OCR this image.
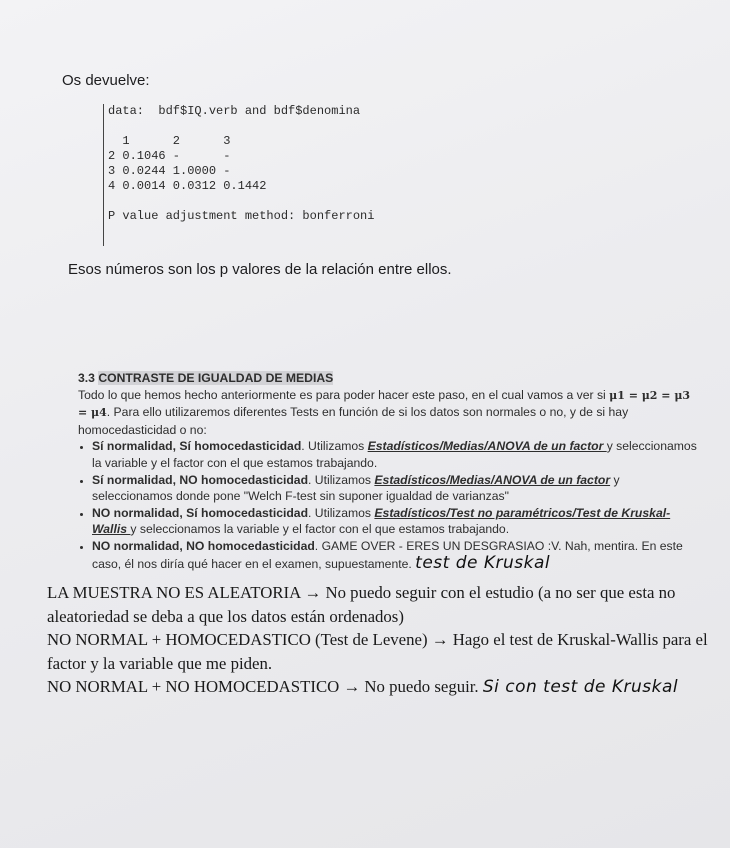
Os devuelve:
data:  bdf$IQ.verb and bdf$denomina

1      2      3
2 0.1046 -      -
3 0.0244 1.0000 -
4 0.0014 0.0312 0.1442

P value adjustment method: bonferroni
Esos números son los p valores de la relación entre ellos.
3.3 CONTRASTE DE IGUALDAD DE MEDIAS
Todo lo que hemos hecho anteriormente es para poder hacer este paso, en el cual vamos a ver si μ1 = μ2 = μ3 = μ4. Para ello utilizaremos diferentes Tests en función de si los datos son normales o no, y de si hay homocedasticidad o no:
• Sí normalidad, Sí homocedasticidad. Utilizamos Estadísticos/Medias/ANOVA de un factor y seleccionamos la variable y el factor con el que estamos trabajando.
• Sí normalidad, NO homocedasticidad. Utilizamos Estadísticos/Medias/ANOVA de un factor y seleccionamos donde pone "Welch F-test sin suponer igualdad de varianzas"
• NO normalidad, Sí homocedasticidad. Utilizamos Estadísticos/Test no paramétricos/Test de Kruskal-Wallis y seleccionamos la variable y el factor con el que estamos trabajando.
• NO normalidad, NO homocedasticidad. GAME OVER - ERES UN DESGRASIAO :V. Nah, mentira. En este caso, él nos diría qué hacer en el examen, supuestamente. test de Kruskal

LA MUESTRA NO ES ALEATORIA → No puedo seguir con el estudio (a no ser que esta no aleatoriedad se deba a que los datos están ordenados)

NO NORMAL + HOMOCEDASTICO (Test de Levene) → Hago el test de Kruskal-Wallis para el factor y la variable que me piden.

NO NORMAL + NO HOMOCEDASTICO → No puedo seguir. Si con test de Kruskal
